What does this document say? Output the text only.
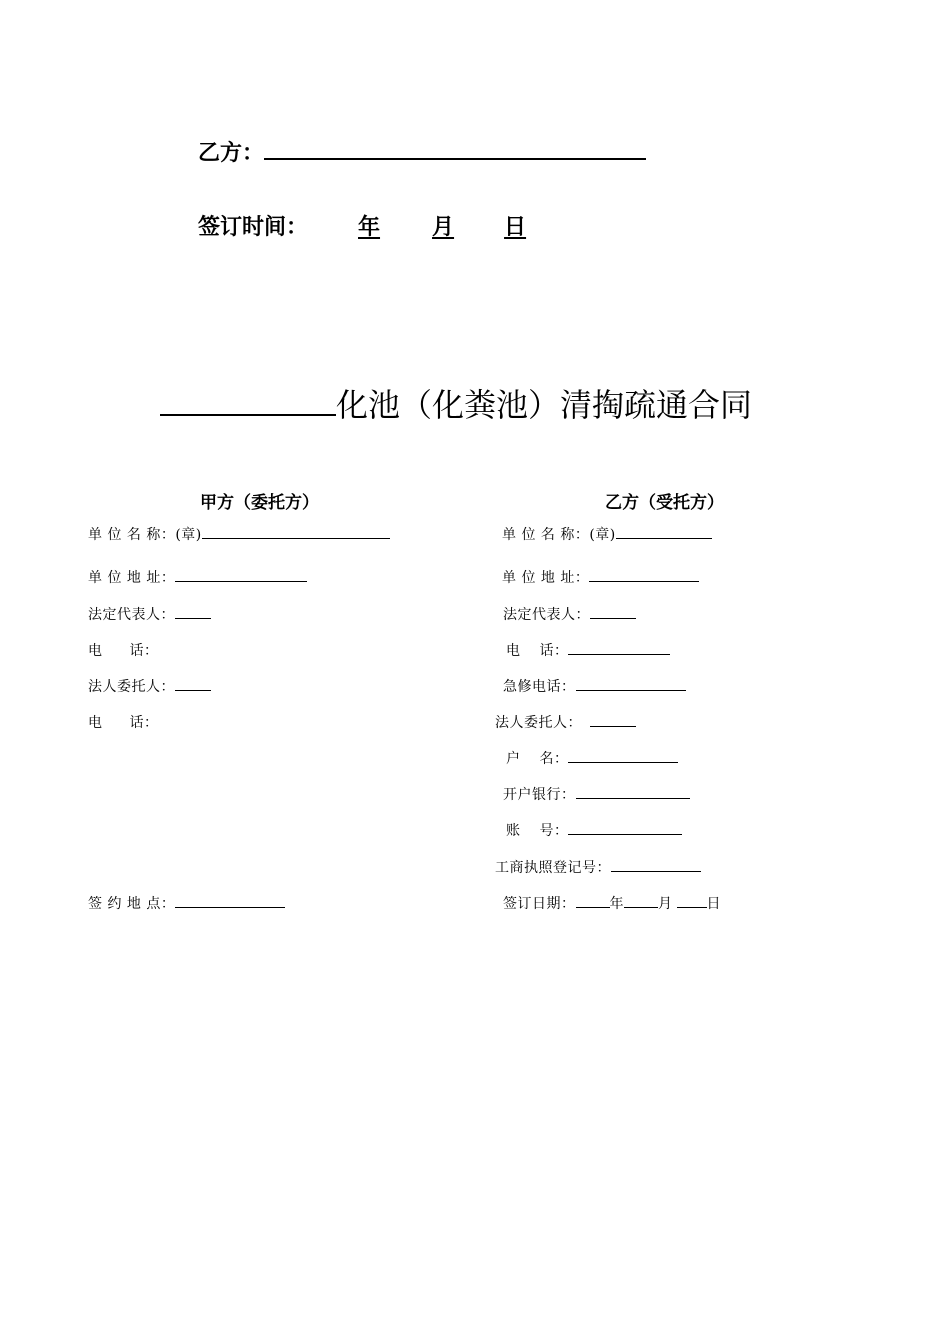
乙方：
签订时间： 年 月 日
化池（化粪池）清掏疏通合同
甲方（委托方）	乙方（受托方）
单 位 名 称：(章)
单 位 地 址：
法定代表人：
电 话：
法人委托人：
电 话：
签 约 地 点：
单 位 名 称：(章)
单 位 地 址：
法定代表人：
电 话：
急修电话：
法人委托人：
户 名：
开户银行：
账 号：
工商执照登记号：
签订日期： 年 月 日
